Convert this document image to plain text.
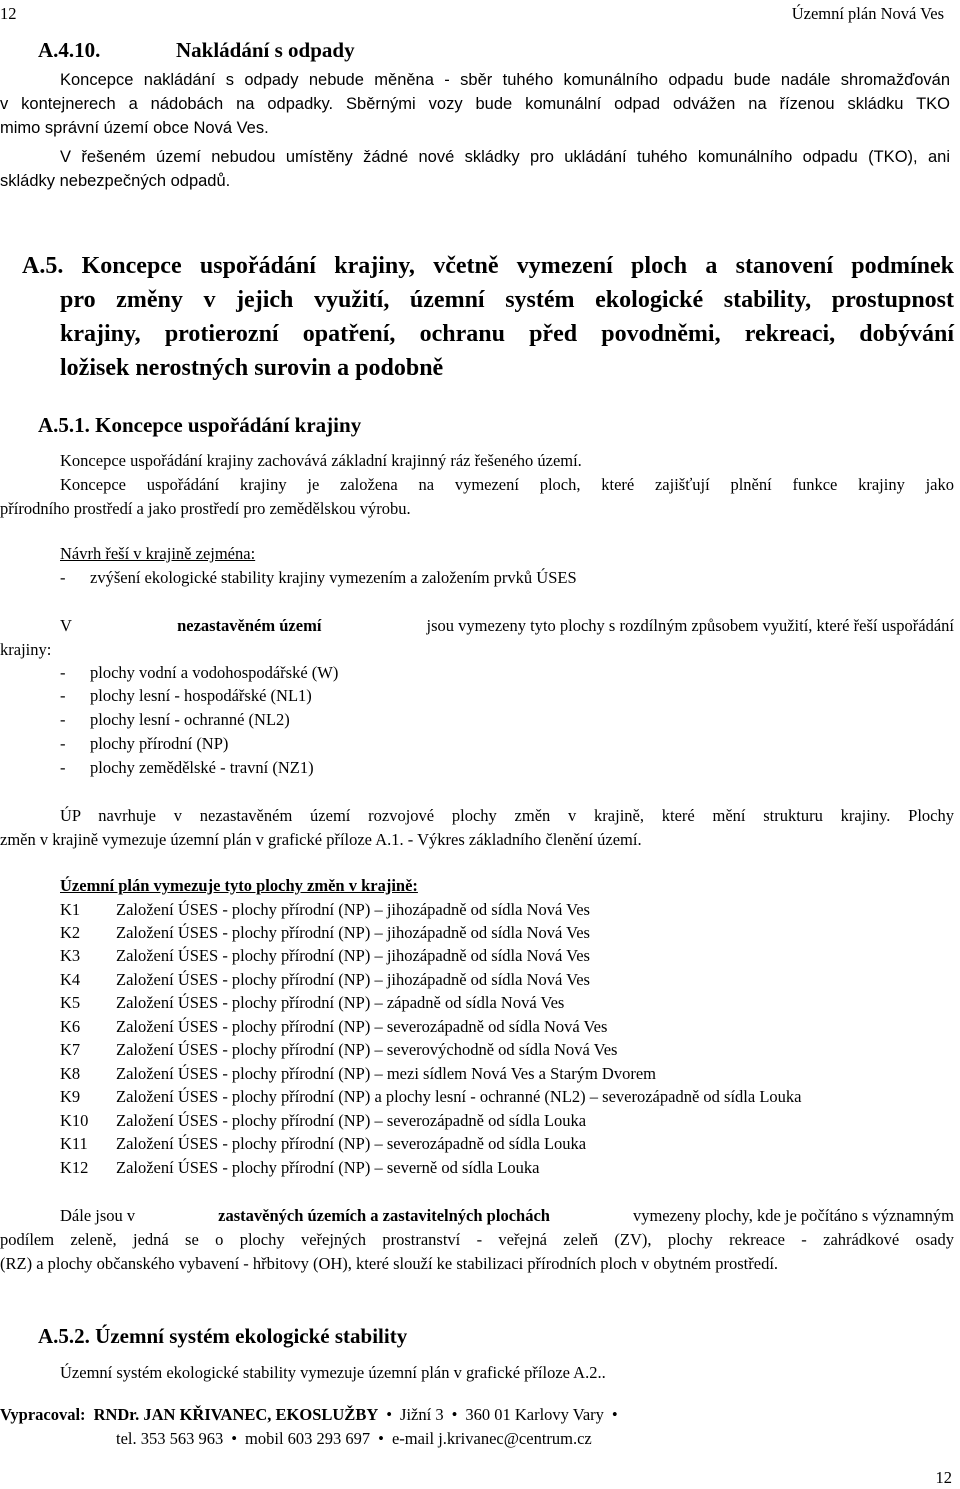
12	Územní plán Nová Ves
A.4.10.	Nakládání s odpady
Koncepce nakládání s odpady nebude měněna - sběr tuhého komunálního odpadu bude nadále shromažďován
v kontejnerech a nádobách na odpadky. Sběrnými vozy bude komunální odpad odvážen na řízenou skládku TKO
mimo správní území obce Nová Ves.
V řešeném území nebudou umístěny žádné nové skládky pro ukládání tuhého komunálního odpadu (TKO), ani
skládky nebezpečných odpadů.
A.5. Koncepce uspořádání krajiny, včetně vymezení ploch a stanovení podmínek
pro změny v jejich využití, územní systém ekologické stability, prostupnost
krajiny, protierozní opatření, ochranu před povodněmi, rekreaci, dobývání
ložisek nerostných surovin a podobně
A.5.1. Koncepce uspořádání krajiny
Koncepce uspořádání krajiny zachovává základní krajinný ráz řešeného území.
Koncepce uspořádání krajiny je založena na vymezení ploch, které zajišťují plnění funkce krajiny jako
přírodního prostředí a jako prostředí pro zemědělskou výrobu.
Návrh řeší v krajině zejména:
- zvýšení ekologické stability krajiny vymezením a založením prvků ÚSES
V	nezastavěném území	jsou vymezeny tyto plochy s rozdílným způsobem využití, které řeší uspořádání
krajiny:
- plochy vodní a vodohospodářské (W)
- plochy lesní - hospodářské (NL1)
- plochy lesní - ochranné (NL2)
- plochy přírodní (NP)
- plochy zemědělské - travní (NZ1)
ÚP navrhuje v nezastavěném území rozvojové plochy změn v krajině, které mění strukturu krajiny. Plochy
změn v krajině vymezuje územní plán v grafické příloze A.1. - Výkres základního členění území.
Územní plán vymezuje tyto plochy změn v krajině:
K1 Založení ÚSES - plochy přírodní (NP) – jihozápadně od sídla Nová Ves
K2 Založení ÚSES - plochy přírodní (NP) – jihozápadně od sídla Nová Ves
K3 Založení ÚSES - plochy přírodní (NP) – jihozápadně od sídla Nová Ves
K4 Založení ÚSES - plochy přírodní (NP) – jihozápadně od sídla Nová Ves
K5 Založení ÚSES - plochy přírodní (NP) – západně od sídla Nová Ves
K6 Založení ÚSES - plochy přírodní (NP) – severozápadně od sídla Nová Ves
K7 Založení ÚSES - plochy přírodní (NP) – severovýchodně od sídla Nová Ves
K8 Založení ÚSES - plochy přírodní (NP) – mezi sídlem Nová Ves a Starým Dvorem
K9 Založení ÚSES - plochy přírodní (NP) a plochy lesní - ochranné (NL2) – severozápadně od sídla Louka
K10 Založení ÚSES - plochy přírodní (NP) – severozápadně od sídla Louka
K11 Založení ÚSES - plochy přírodní (NP) – severozápadně od sídla Louka
K12 Založení ÚSES - plochy přírodní (NP) – severně od sídla Louka
Dále jsou v	zastavěných územích a zastavitelných plochách	vymezeny plochy, kde je počítáno s významným
podílem zeleně, jedná se o plochy veřejných prostranství - veřejná zeleň (ZV), plochy rekreace - zahrádkové osady
(RZ) a plochy občanského vybavení - hřbitovy (OH), které slouží ke stabilizaci přírodních ploch v obytném prostředí.
A.5.2. Územní systém ekologické stability
Územní systém ekologické stability vymezuje územní plán v grafické příloze A.2..
Vypracoval: RNDr. JAN KŘIVANEC, EKOSLUŽBY • Jižní 3 • 360 01 Karlovy Vary •
tel. 353 563 963 • mobil 603 293 697 • e-mail j.krivanec@centrum.cz
12
